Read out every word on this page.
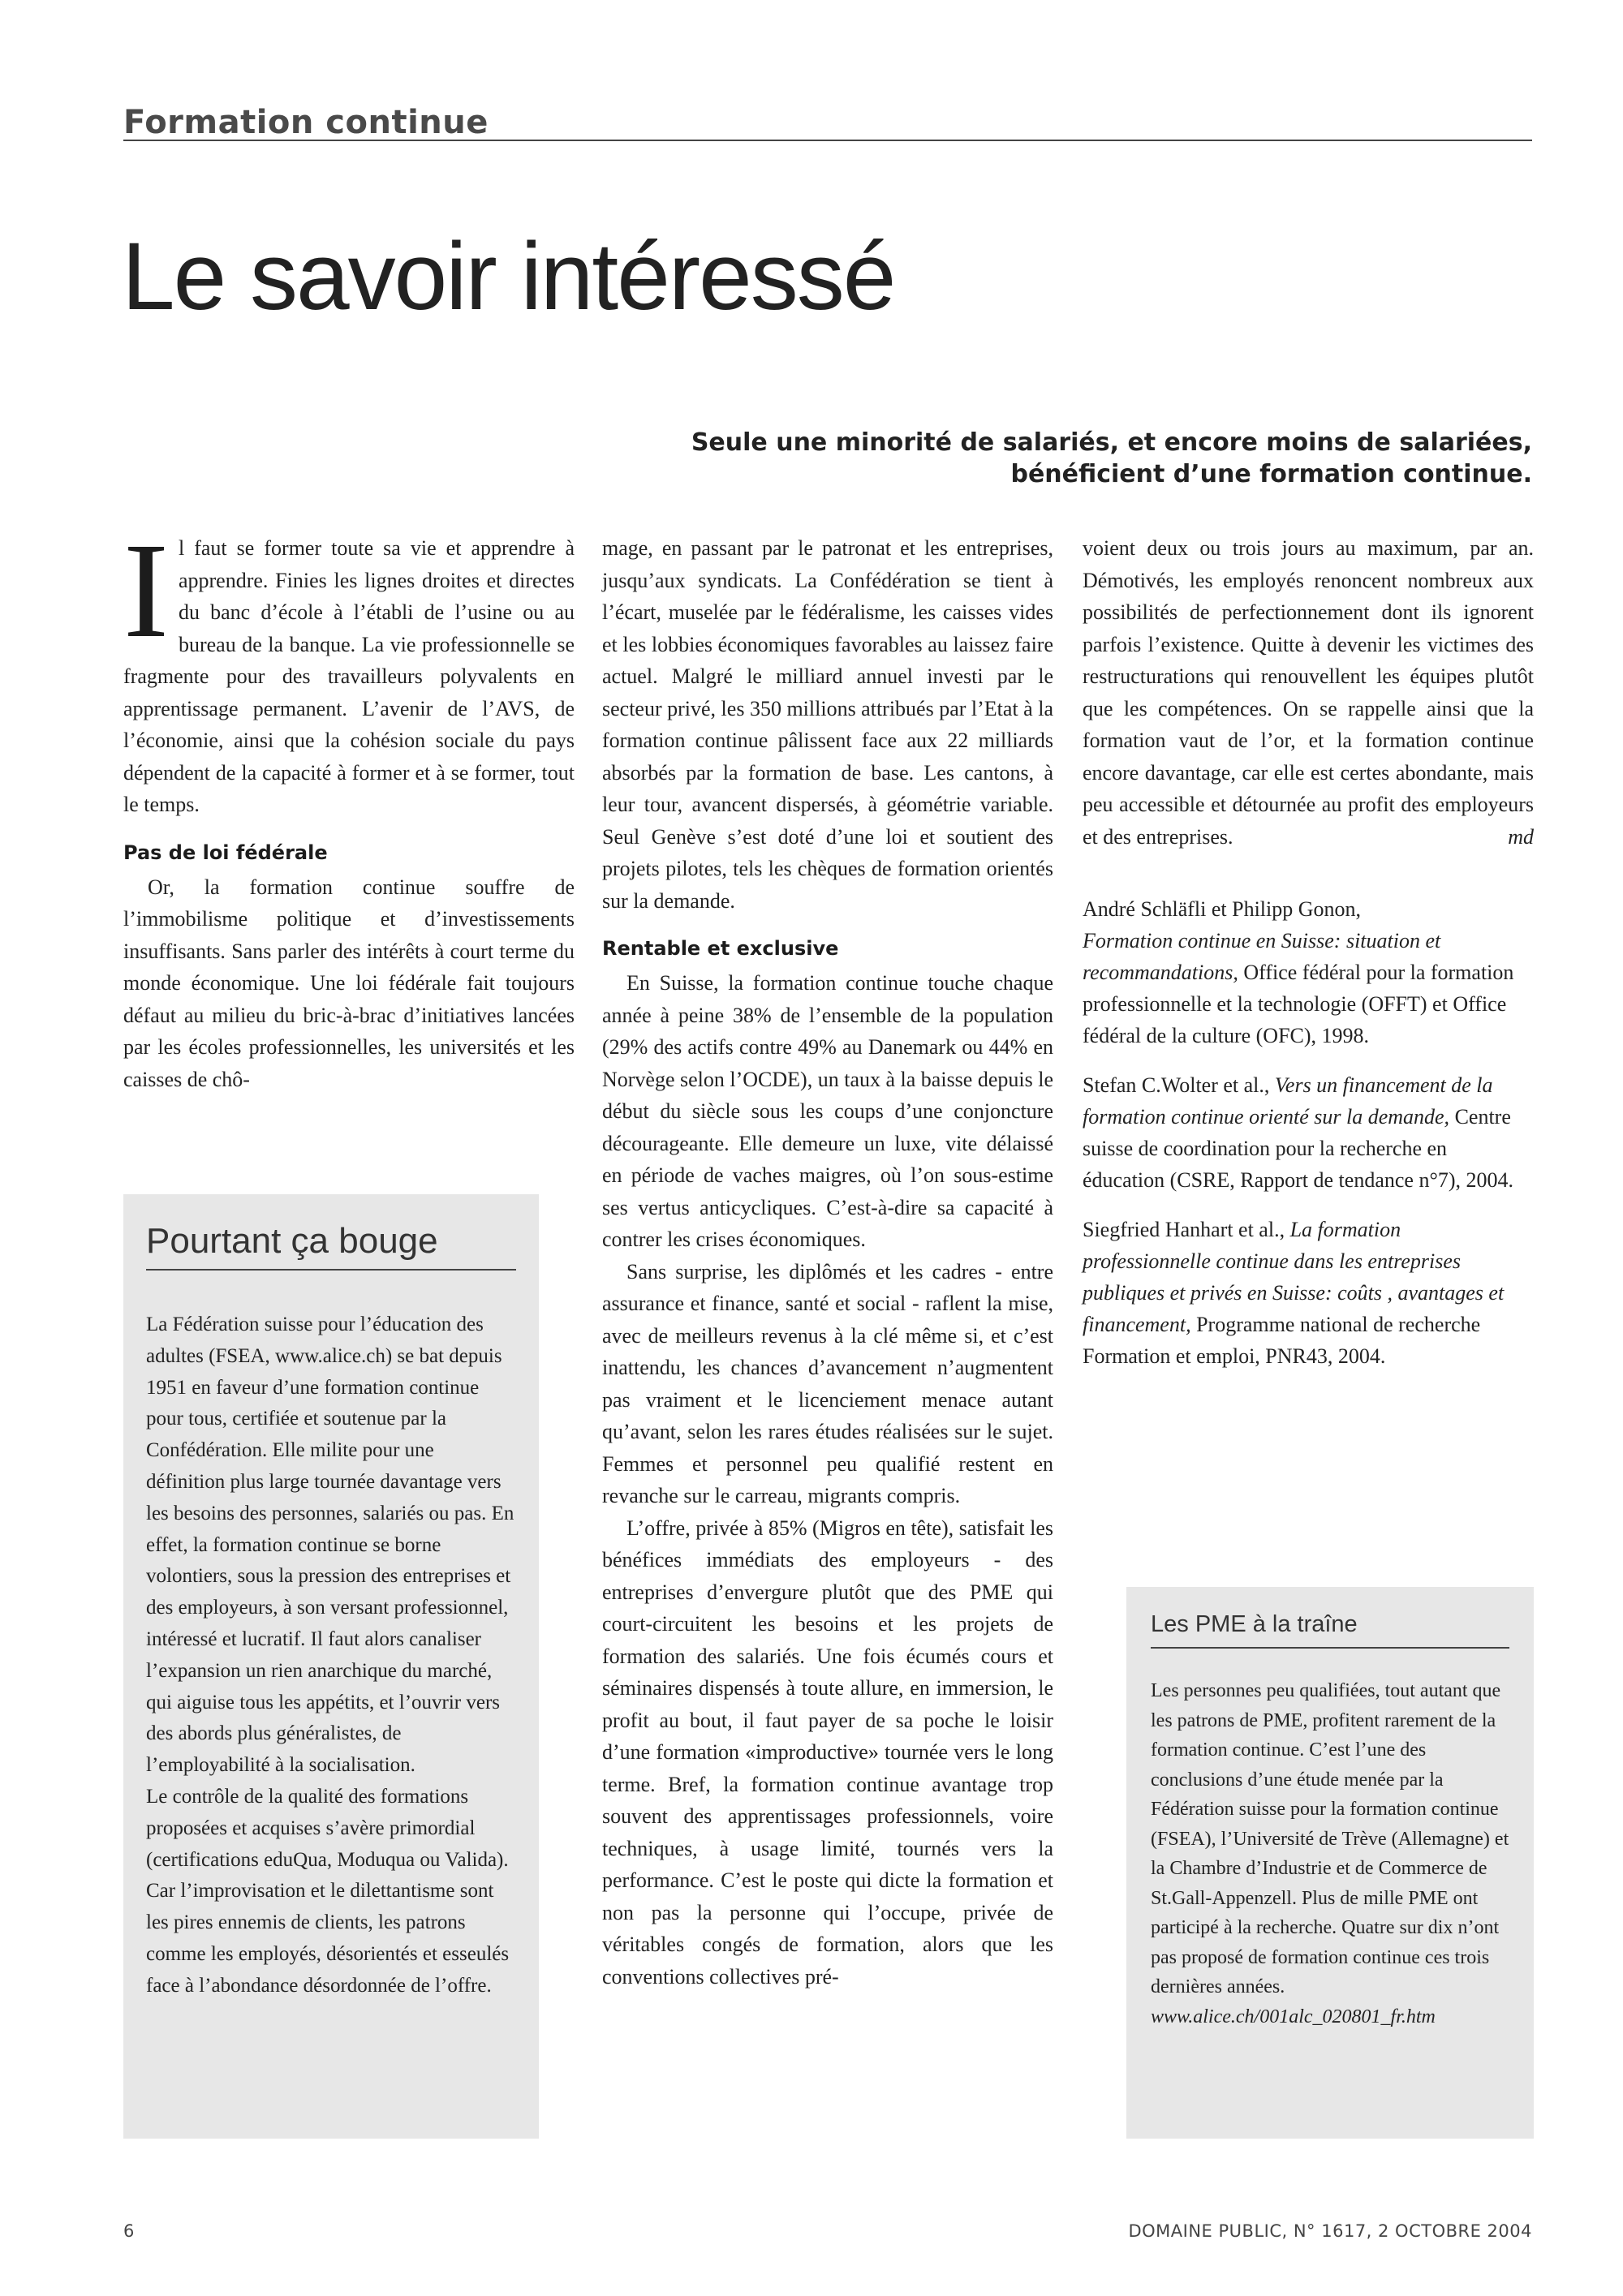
Formation continue
Le savoir intéressé

Seule une minorité de salariés, et encore moins de salariées, bénéficient d’une formation continue.

Il faut se former toute sa vie et apprendre à apprendre. Finies les lignes droites et directes du banc d’école à l’établi de l’usine ou au bureau de la banque. La vie professionnelle se fragmente pour des travailleurs polyvalents en apprentissage permanent. L’avenir de l’AVS, de l’économie, ainsi que la cohésion sociale du pays dépendent de la capacité à former et à se former, tout le temps.

Pas de loi fédérale

Or, la formation continue souffre de l’immobilisme politique et d’investissements insuffisants. Sans parler des intérêts à court terme du monde économique. Une loi fédérale fait toujours défaut au milieu du bric-à-brac d’initiatives lancées par les écoles professionnelles, les universités et les caisses de chô-

mage, en passant par le patronat et les entreprises, jusqu’aux syndicats. La Confédération se tient à l’écart, muselée par le fédéralisme, les caisses vides et les lobbies économiques favorables au laissez faire actuel. Malgré le milliard annuel investi par le secteur privé, les 350 millions attribués par l’Etat à la formation continue pâlissent face aux 22 milliards absorbés par la formation de base. Les cantons, à leur tour, avancent dispersés, à géométrie variable. Seul Genève s’est doté d’une loi et soutient des projets pilotes, tels les chèques de formation orientés sur la demande.

Rentable et exclusive

En Suisse, la formation continue touche chaque année à peine 38% de l’ensemble de la population (29% des actifs contre 49% au Danemark ou 44% en Norvège selon l’OCDE), un taux à la baisse depuis le début du siècle sous les coups d’une conjoncture décourageante. Elle demeure un luxe, vite délaissé en période de vaches maigres, où l’on sous-estime ses vertus anticycliques. C’est-à-dire sa capacité à contrer les crises économiques.

Sans surprise, les diplômés et les cadres - entre assurance et finance, santé et social - raflent la mise, avec de meilleurs revenus à la clé même si, et c’est inattendu, les chances d’avancement n’augmentent pas vraiment et le licenciement menace autant qu’avant, selon les rares études réalisées sur le sujet. Femmes et personnel peu qualifié restent en revanche sur le carreau, migrants compris.

L’offre, privée à 85% (Migros en tête), satisfait les bénéfices immédiats des employeurs - des entreprises d’envergure plutôt que des PME qui court-circuitent les besoins et les projets de formation des salariés. Une fois écumés cours et séminaires dispensés à toute allure, en immersion, le profit au bout, il faut payer de sa poche le loisir d’une formation «improductive» tournée vers le long terme. Bref, la formation continue avantage trop souvent des apprentissages professionnels, voire techniques, à usage limité, tournés vers la performance. C’est le poste qui dicte la formation et non pas la personne qui l’occupe, privée de véritables congés de formation, alors que les conventions collectives pré-

voient deux ou trois jours au maximum, par an. Démotivés, les employés renoncent nombreux aux possibilités de perfectionnement dont ils ignorent parfois l’existence. Quitte à devenir les victimes des restructurations qui renouvellent les équipes plutôt que les compétences. On se rappelle ainsi que la formation vaut de l’or, et la formation continue encore davantage, car elle est certes abondante, mais peu accessible et détournée au profit des employeurs et des entreprises.	md

André Schläfli et Philipp Gonon,
Formation continue en Suisse: situation et recommandations, Office fédéral pour la formation professionnelle et la technologie (OFFT) et Office fédéral de la culture (OFC), 1998.

Stefan C.Wolter et al., Vers un financement de la formation continue orienté sur la demande, Centre suisse de coordination pour la recherche en éducation (CSRE, Rapport de tendance n°7), 2004.

Siegfried Hanhart et al., La formation professionnelle continue dans les entreprises publiques et privés en Suisse: coûts , avantages et financement, Programme national de recherche Formation et emploi, PNR43, 2004.

Pourtant ça bouge

La Fédération suisse pour l’éducation des adultes (FSEA, www.alice.ch) se bat depuis 1951 en faveur d’une formation continue pour tous, certifiée et soutenue par la Confédération. Elle milite pour une définition plus large tournée davantage vers les besoins des personnes, salariés ou pas. En effet, la formation continue se borne volontiers, sous la pression des entreprises et des employeurs, à son versant professionnel, intéressé et lucratif. Il faut alors canaliser l’expansion un rien anarchique du marché, qui aiguise tous les appétits, et l’ouvrir vers des abords plus généralistes, de l’employabilité à la socialisation.

Le contrôle de la qualité des formations proposées et acquises s’avère primordial (certifications eduQua, Moduqua ou Valida). Car l’improvisation et le dilettantisme sont les pires ennemis de clients, les patrons comme les employés, désorientés et esseulés face à l’abondance désordonnée de l’offre.

Les PME à la traîne

Les personnes peu qualifiées, tout autant que les patrons de PME, profitent rarement de la formation continue. C’est l’une des conclusions d’une étude menée par la Fédération suisse pour la formation continue (FSEA), l’Université de Trève (Allemagne) et la Chambre d’Industrie et de Commerce de St.Gall-Appenzell. Plus de mille PME ont participé à la recherche. Quatre sur dix n’ont pas proposé de formation continue ces trois dernières années.

www.alice.ch/001alc_020801_fr.htm

6	DOMAINE PUBLIC, N° 1617, 2 OCTOBRE 2004
